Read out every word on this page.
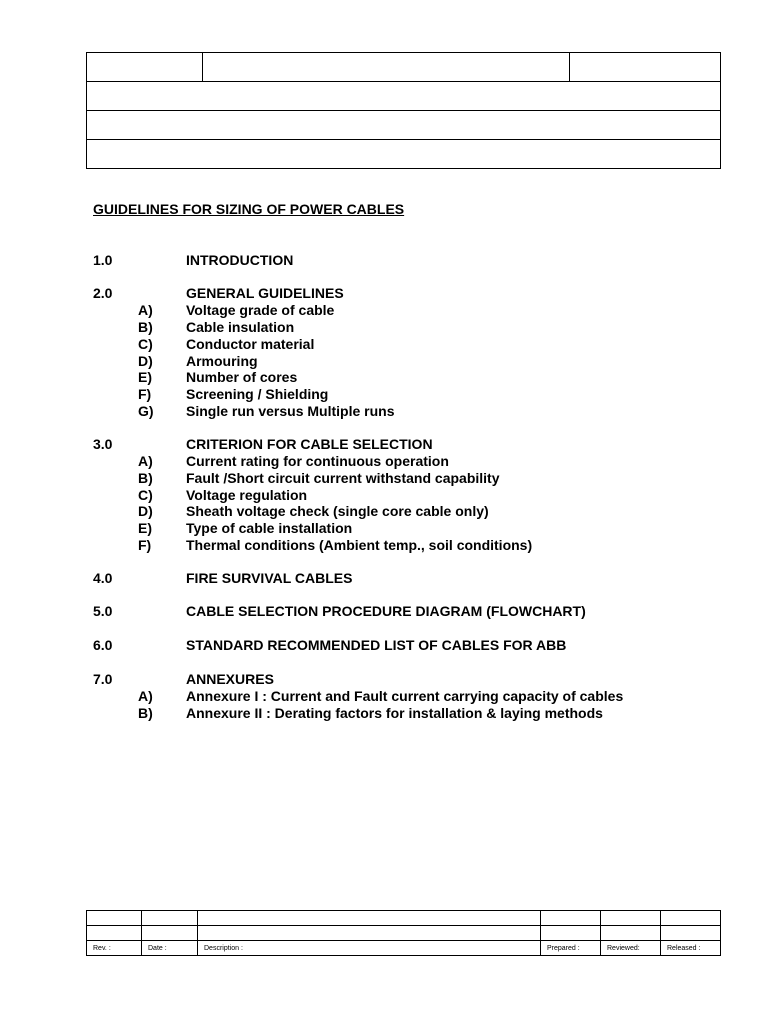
GUIDELINES FOR SIZING OF POWER CABLES
1.0	INTRODUCTION
2.0	GENERAL GUIDELINES
A) Voltage grade of cable
B) Cable insulation
C) Conductor material
D) Armouring
E) Number of cores
F) Screening / Shielding
G) Single run versus Multiple runs
3.0	CRITERION FOR CABLE SELECTION
A) Current rating for continuous operation
B) Fault /Short circuit current withstand capability
C) Voltage regulation
D) Sheath voltage check (single core cable only)
E) Type of cable installation
F) Thermal conditions (Ambient temp., soil conditions)
4.0	FIRE SURVIVAL CABLES
5.0	CABLE SELECTION PROCEDURE DIAGRAM (FLOWCHART)
6.0	STANDARD RECOMMENDED LIST OF CABLES FOR ABB
7.0	ANNEXURES
A) Annexure I : Current and Fault current carrying capacity of cables
B) Annexure II : Derating factors for installation & laying methods

Rev. :	Date :	Description :	Prepared :	Reviewed:	Released :
